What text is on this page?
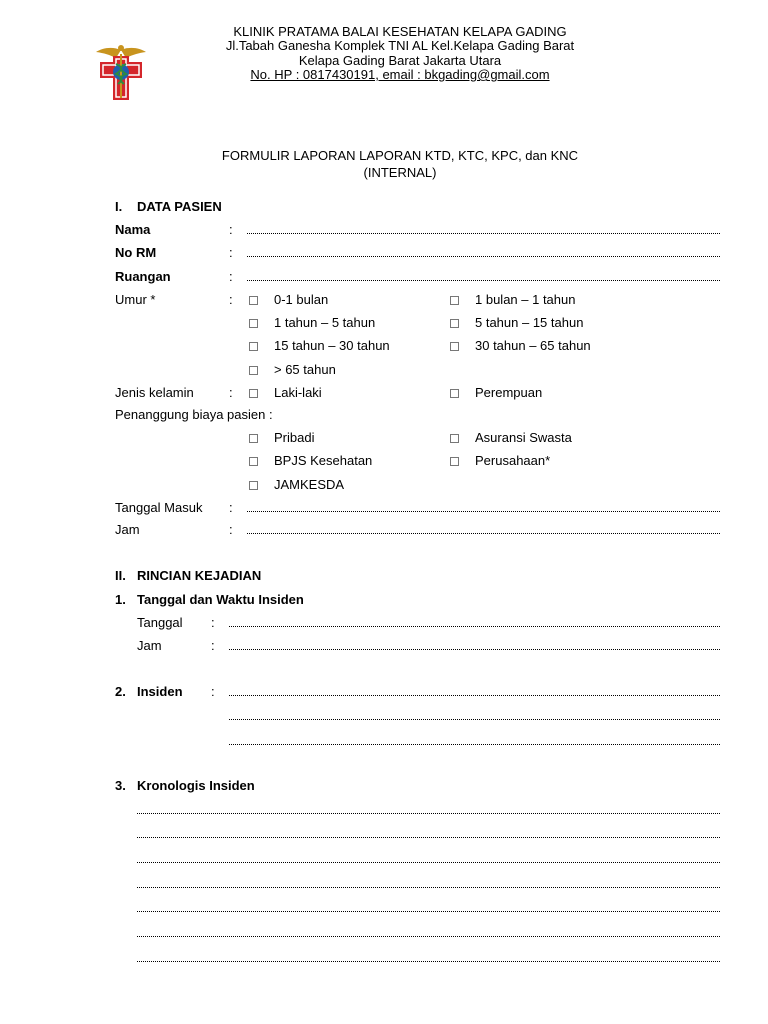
KLINIK PRATAMA BALAI KESEHATAN KELAPA GADING
Jl.Tabah Ganesha Komplek TNI AL Kel.Kelapa Gading Barat
Kelapa Gading Barat Jakarta Utara
No. HP : 0817430191, email : bkgading@gmail.com
FORMULIR LAPORAN LAPORAN KTD, KTC, KPC, dan KNC
(INTERNAL)
I. DATA PASIEN
Nama	:
No RM	:
Ruangan	:
Umur *	:	0-1 bulan	1 bulan – 1 tahun
1 tahun – 5 tahun	5 tahun – 15 tahun
15 tahun – 30 tahun	30 tahun – 65 tahun
> 65 tahun
Jenis kelamin	:	Laki-laki	Perempuan
Penanggung biaya pasien :
Pribadi	Asuransi Swasta
BPJS Kesehatan	Perusahaan*
JAMKESDA
Tanggal Masuk :
Jam	:
II. RINCIAN KEJADIAN
1. Tanggal dan Waktu Insiden
Tanggal :
Jam	:
2. Insiden :
3. Kronologis Insiden
